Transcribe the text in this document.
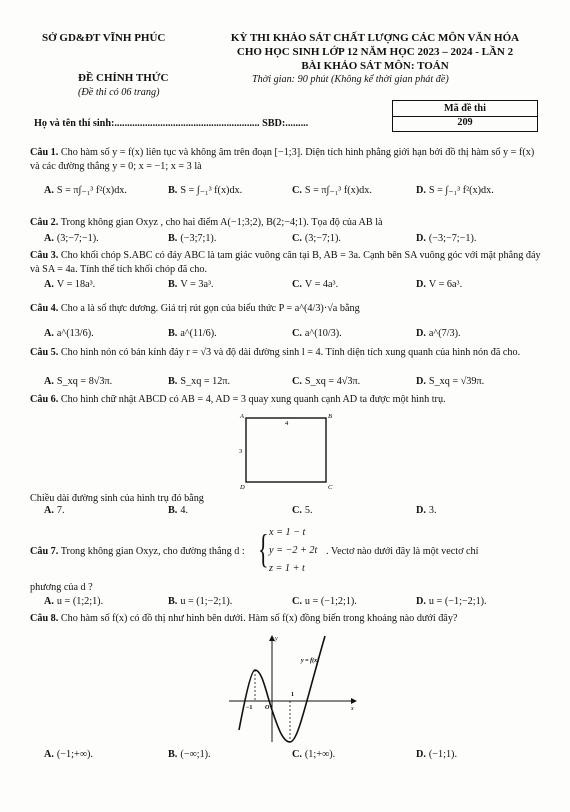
SỞ GD&ĐT VĨNH PHÚC	KỲ THI KHẢO SÁT CHẤT LƯỢNG CÁC MÔN VĂN HÓA
CHO HỌC SINH LỚP 12 NĂM HỌC 2023 – 2024 - LẦN 2
BÀI KHẢO SÁT MÔN: TOÁN
ĐỀ CHÍNH THỨC
(Đề thi có 06 trang)
Thời gian: 90 phút (Không kể thời gian phát đề)
Họ và tên thí sinh:......................................................... SBD:.........
Mã đề thi
209
Câu 1. Cho hàm số y = f(x) liên tục và không âm trên đoạn [−1;3]. Diện tích hình phẳng giới hạn bởi đồ thị hàm số y = f(x) và các đường thẳng y = 0; x = −1; x = 3 là
A. S = π∫₋₁³ f²(x)dx.	B. S = ∫₋₁³ f(x)dx.	C. S = π∫₋₁³ f(x)dx.	D. S = ∫₋₁³ f²(x)dx.
Câu 2. Trong không gian Oxyz , cho hai điểm A(−1;3;2), B(2;−4;1). Tọa độ của AB là
A. (3;−7;−1).	B. (−3;7;1).	C. (3;−7;1).	D. (−3;−7;−1).
Câu 3. Cho khối chóp S.ABC có đáy ABC là tam giác vuông cân tại B, AB = 3a. Cạnh bên SA vuông góc với mặt phẳng đáy và SA = 4a. Tính thể tích khối chóp đã cho.
A. V = 18a³.	B. V = 3a³.	C. V = 4a³.	D. V = 6a³.
Câu 4. Cho a là số thực dương. Giá trị rút gọn của biểu thức P = a^(4/3)·√a bằng
A. a^(13/6).	B. a^(11/6).	C. a^(10/3).	D. a^(7/3).
Câu 5. Cho hình nón có bán kính đáy r = √3 và độ dài đường sinh l = 4. Tính diện tích xung quanh của hình nón đã cho.
A. S_xq = 8√3π.	B. S_xq = 12π.	C. S_xq = 4√3π.	D. S_xq = √39π.
Câu 6. Cho hình chữ nhật ABCD có AB = 4, AD = 3 quay xung quanh cạnh AD ta được một hình trụ.
A	B
C
D
4
3
Chiều dài đường sinh của hình trụ đó bằng
A. 7.	B. 4.	C. 5.	D. 3.
Câu 7. Trong không gian Oxyz, cho đường thẳng d : { x = 1 − t
y = −2 + 2t
z = 1 + t
. Vectơ nào dưới đây là một vectơ chỉ
phương của d ?
A. u = (1;2;1).	B. u = (1;−2;1).	C. u = (−1;2;1).	D. u = (−1;−2;1).
Câu 8. Cho hàm số f(x) có đồ thị như hình bên dưới. Hàm số f(x) đồng biến trong khoảng nào dưới đây?
y
x
y = f(x)
O
−1
1
A. (−1;+∞).	B. (−∞;1).	C. (1;+∞).	D. (−1;1).
